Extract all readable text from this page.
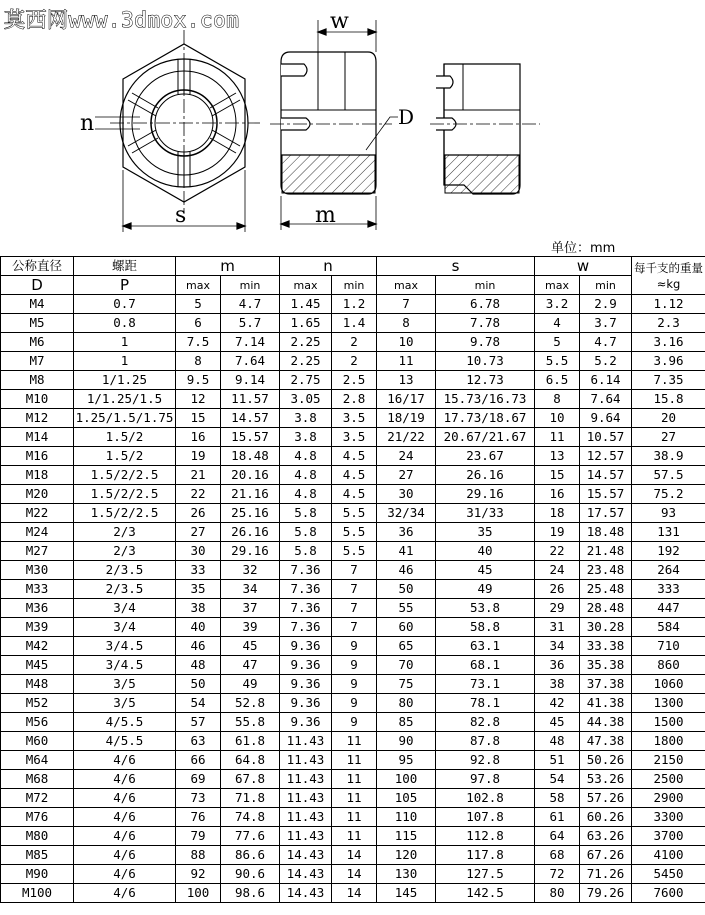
莫西网www.3dmox.com
n
s
w
D
m
单位：mm
公称直径	螺距	m		n		s		w		每千支的重量≈kg
D	P									
		max	min	max	min	max	min	max	min	
M4	0.7	5	4.7	1.45	1.2	7	6.78	3.2	2.9	1.12
M5	0.8	6	5.7	1.65	1.4	8	7.78	4	3.7	2.3
M6	1	7.5	7.14	2.25	2	10	9.78	5	4.7	3.16
M7	1	8	7.64	2.25	2	11	10.73	5.5	5.2	3.96
M8	1/1.25	9.5	9.14	2.75	2.5	13	12.73	6.5	6.14	7.35
M10	1/1.25/1.5	12	11.57	3.05	2.8	16/17	15.73/16.73	8	7.64	15.8
M12	1.25/1.5/1.75	15	14.57	3.8	3.5	18/19	17.73/18.67	10	9.64	20
M14	1.5/2	16	15.57	3.8	3.5	21/22	20.67/21.67	11	10.57	27
M16	1.5/2	19	18.48	4.8	4.5	24	23.67	13	12.57	38.9
M18	1.5/2/2.5	21	20.16	4.8	4.5	27	26.16	15	14.57	57.5
M20	1.5/2/2.5	22	21.16	4.8	4.5	30	29.16	16	15.57	75.2
M22	1.5/2/2.5	26	25.16	5.8	5.5	32/34	31/33	18	17.57	93
M24	2/3	27	26.16	5.8	5.5	36	35	19	18.48	131
M27	2/3	30	29.16	5.8	5.5	41	40	22	21.48	192
M30	2/3.5	33	32	7.36	7	46	45	24	23.48	264
M33	2/3.5	35	34	7.36	7	50	49	26	25.48	333
M36	3/4	38	37	7.36	7	55	53.8	29	28.48	447
M39	3/4	40	39	7.36	7	60	58.8	31	30.28	584
M42	3/4.5	46	45	9.36	9	65	63.1	34	33.38	710
M45	3/4.5	48	47	9.36	9	70	68.1	36	35.38	860
M48	3/5	50	49	9.36	9	75	73.1	38	37.38	1060
M52	3/5	54	52.8	9.36	9	80	78.1	42	41.38	1300
M56	4/5.5	57	55.8	9.36	9	85	82.8	45	44.38	1500
M60	4/5.5	63	61.8	11.43	11	90	87.8	48	47.38	1800
M64	4/6	66	64.8	11.43	11	95	92.8	51	50.26	2150
M68	4/6	69	67.8	11.43	11	100	97.8	54	53.26	2500
M72	4/6	73	71.8	11.43	11	105	102.8	58	57.26	2900
M76	4/6	76	74.8	11.43	11	110	107.8	61	60.26	3300
M80	4/6	79	77.6	11.43	11	115	112.8	64	63.26	3700
M85	4/6	88	86.6	14.43	14	120	117.8	68	67.26	4100
M90	4/6	92	90.6	14.43	14	130	127.5	72	71.26	5450
M100	4/6	100	98.6	14.43	14	145	142.5	80	79.26	7600
